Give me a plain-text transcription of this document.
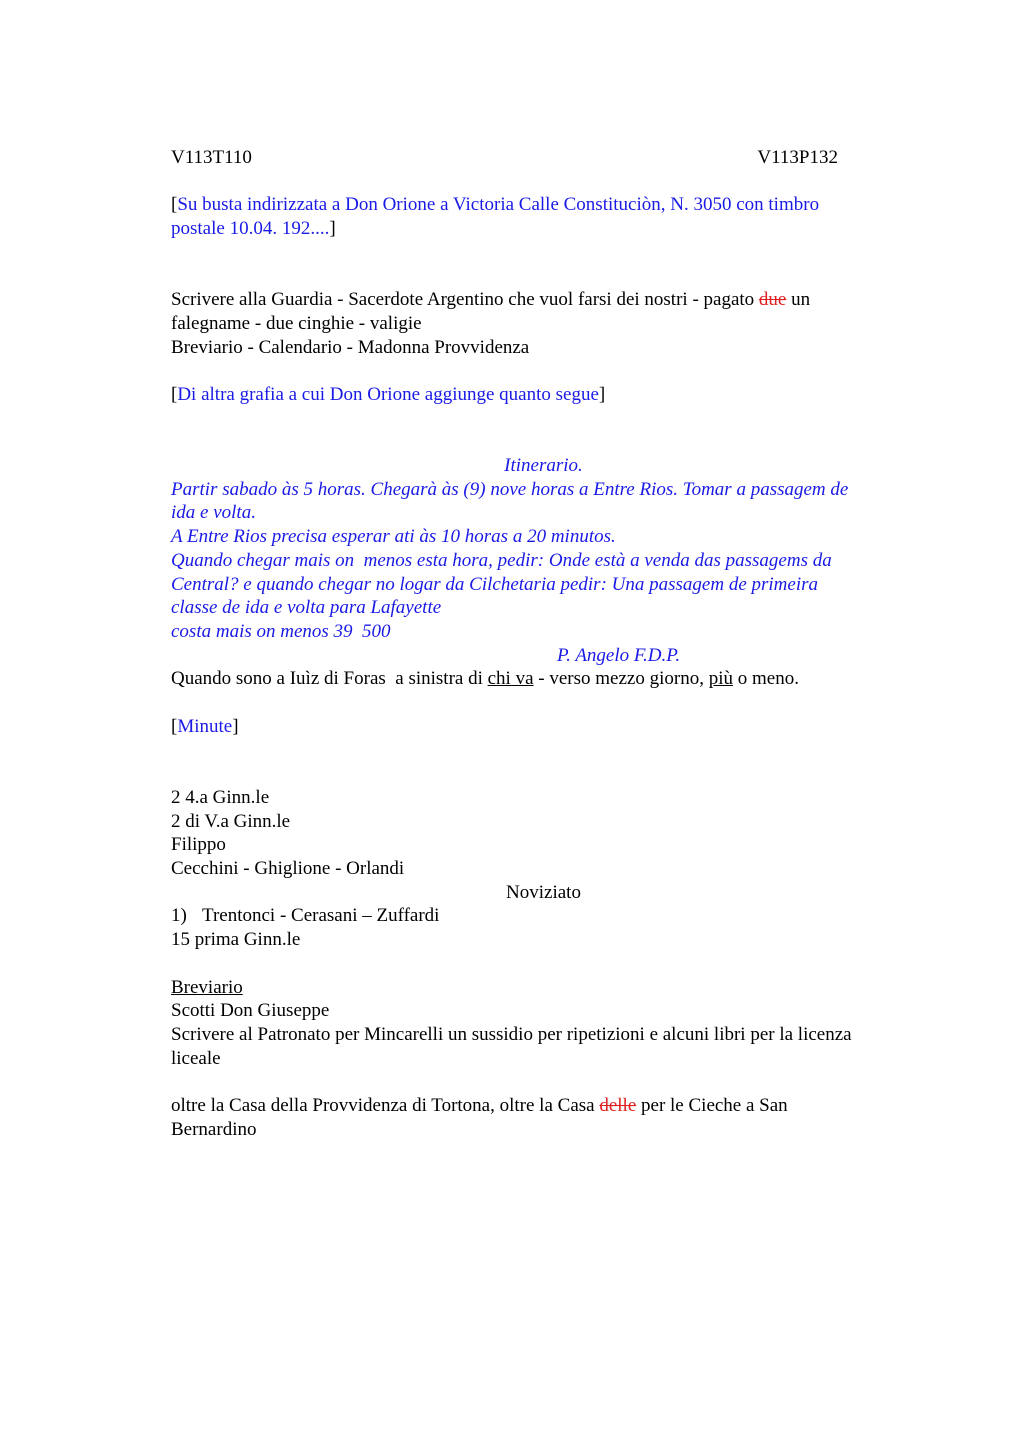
V113T110	V113P132
[Su busta indirizzata a Don Orione a Victoria Calle Constituciòn, N. 3050 con timbro
postale 10.04. 192....]
Scrivere alla Guardia - Sacerdote Argentino che vuol farsi dei nostri - pagato due un
falegname - due cinghie - valigie
Breviario - Calendario - Madonna Provvidenza
[Di altra grafia a cui Don Orione aggiunge quanto segue]
Itinerario.
Partir sabado às 5 horas. Chegarà às (9) nove horas a Entre Rios. Tomar a passagem de
ida e volta.
A Entre Rios precisa esperar ati às 10 horas a 20 minutos.
Quando chegar mais on  menos esta hora, pedir: Onde està a venda das passagems da
Central? e quando chegar no logar da Cilchetaria pedir: Una passagem de primeira
classe de ida e volta para Lafayette
costa mais on menos 39  500
P. Angelo F.D.P.
Quando sono a Iuìz di Foras  a sinistra di chi va - verso mezzo giorno, più o meno.
[Minute]
2 4.a Ginn.le
2 di V.a Ginn.le
Filippo
Cecchini - Ghiglione - Orlandi
Noviziato
1) Trentonci - Cerasani – Zuffardi
15 prima Ginn.le
Breviario
Scotti Don Giuseppe
Scrivere al Patronato per Mincarelli un sussidio per ripetizioni e alcuni libri per la licenza
liceale
oltre la Casa della Provvidenza di Tortona, oltre la Casa delle per le Cieche a San
Bernardino
